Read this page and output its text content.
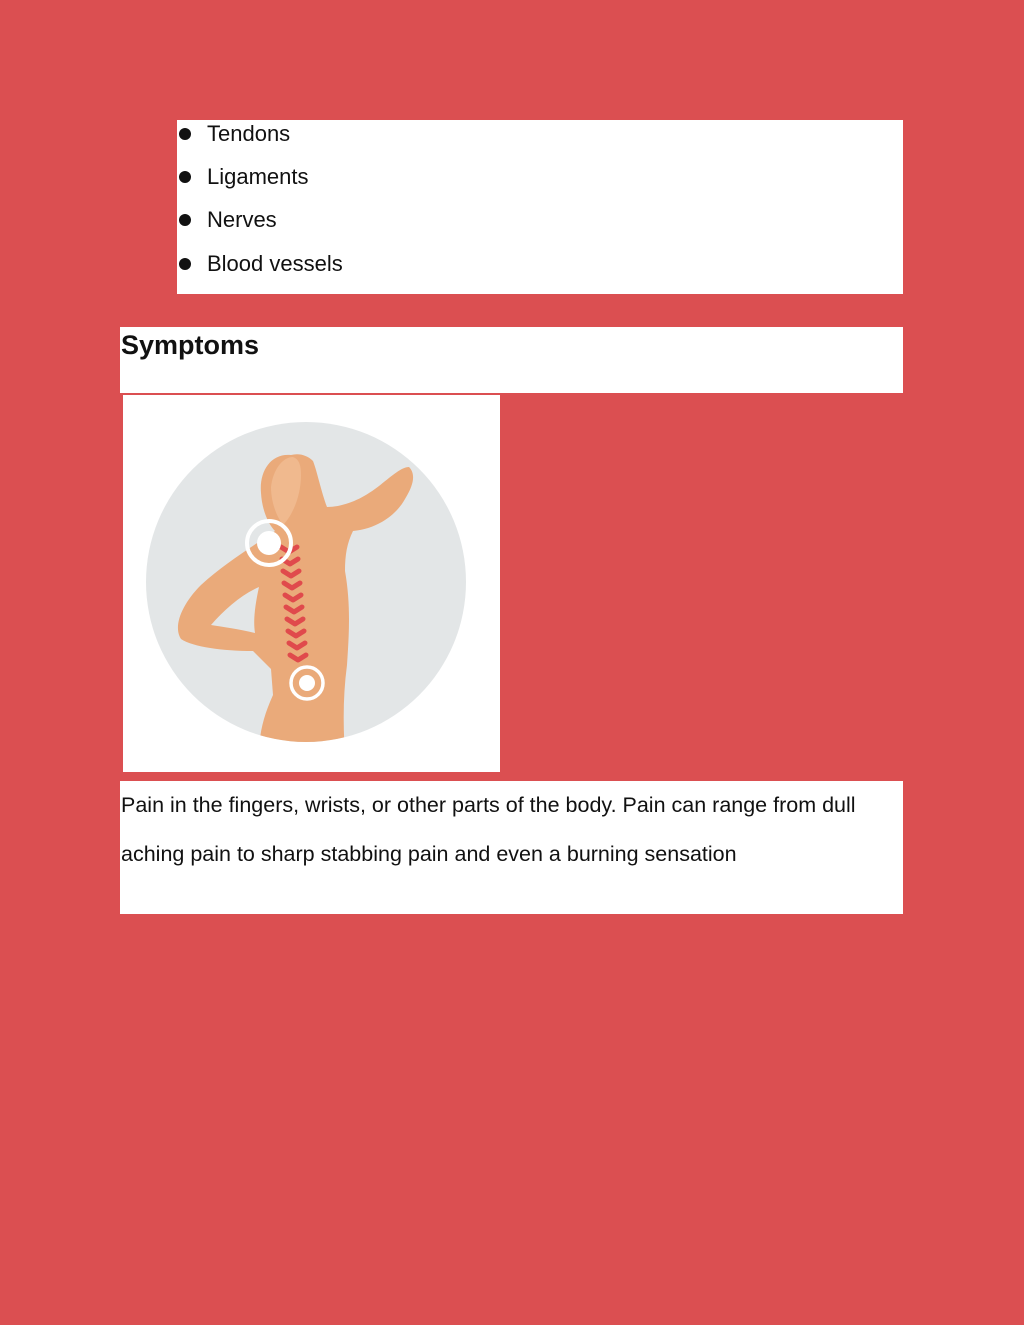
Tendons
Ligaments
Nerves
Blood vessels
Symptoms

Pain in the fingers, wrists, or other parts of the body. Pain can range from dull aching pain to sharp stabbing pain and even a burning sensation
